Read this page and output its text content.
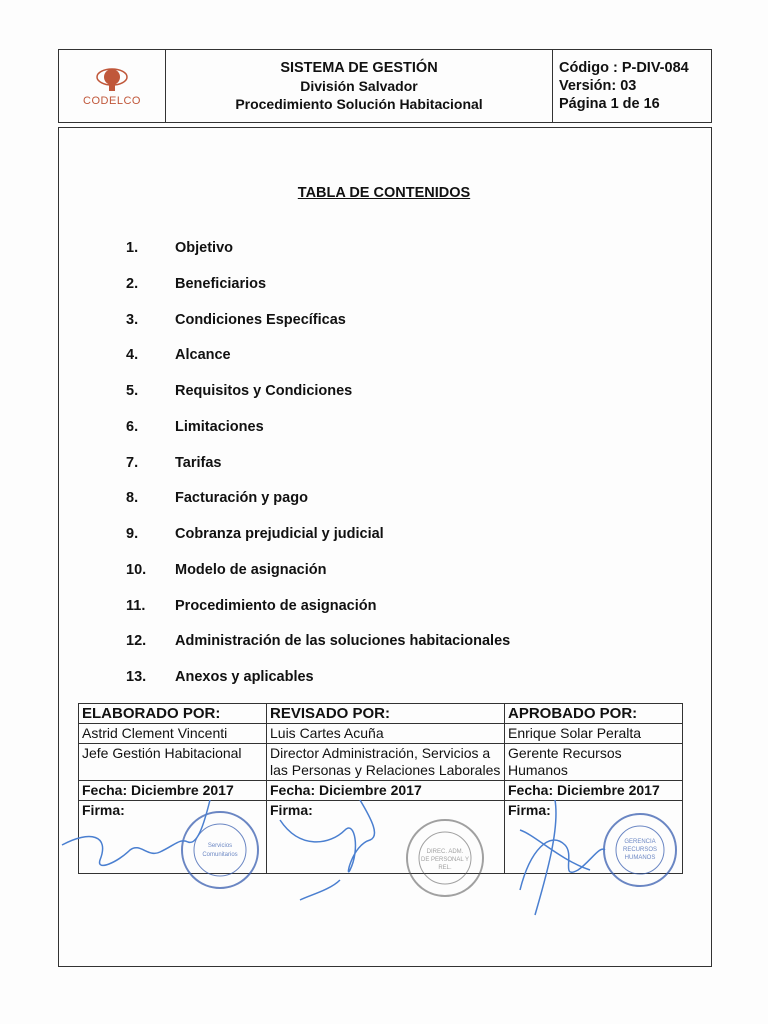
CODELCO
SISTEMA DE GESTIÓN
División Salvador
Procedimiento Solución Habitacional
Código : P-DIV-084
Versión: 03
Página 1 de 16
TABLA DE CONTENIDOS
1.	Objetivo
2.	Beneficiarios
3.	Condiciones Específicas
4.	Alcance
5.	Requisitos y Condiciones
6.	Limitaciones
7.	Tarifas
8.	Facturación y pago
9.	Cobranza prejudicial y judicial
10.	Modelo de asignación
11.	Procedimiento de asignación
12.	Administración de las soluciones habitacionales
13.	Anexos y aplicables
ELABORADO POR:	REVISADO POR:	APROBADO POR:
Astrid Clement Vincenti	Luis Cartes Acuña	Enrique Solar Peralta
Jefe Gestión Habitacional	Director Administración, Servicios a las Personas y Relaciones Laborales	Gerente Recursos Humanos
Fecha: Diciembre 2017	Fecha: Diciembre 2017	Fecha: Diciembre 2017
Firma:	Firma:	Firma:
Servicios
Comunitarios	DIREC. ADM.
DE PERSONAL Y
REL.
GERENCIA
RECURSOS
HUMANOS
